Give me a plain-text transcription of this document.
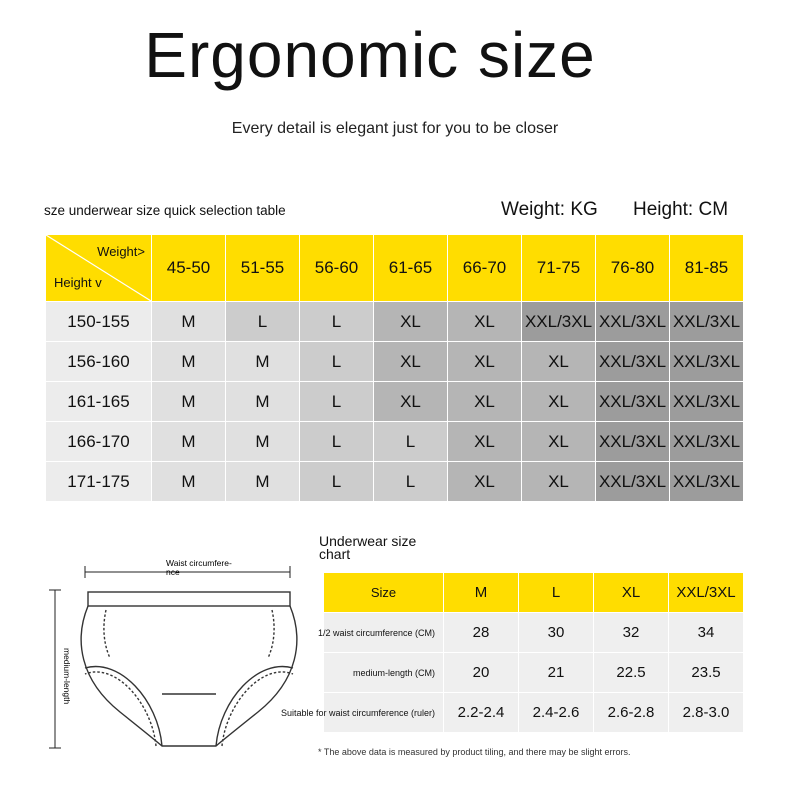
Ergonomic size
Every detail is elegant just for you to be closer
sze underwear size quick selection table	Weight: KG Height: CM
Weight>
Height v
45-50	51-55	56-60	61-65	66-70	71-75	76-80	81-85
150-155	M	L	L	XL	XL	XXL/3XL XXL/3XL XXL/3XL
156-160	M	M	L	XL	XL	XL	XXL/3XL XXL/3XL
161-165	M	M	L	XL	XL	XL	XXL/3XL XXL/3XL
166-170	M	M	L	L	XL	XL	XXL/3XL XXL/3XL
171-175	M	M	L	L	XL	XL	XXL/3XL XXL/3XL
Underwear size chart
Size	M	L	XL	XXL/3XL
1/2 waist circumference (CM)	28	30	32	34
medium-length (CM)	20	21	22.5	23.5
Suitable for waist circumference (ruler)	2.2-2.4	2.4-2.6	2.6-2.8	2.8-3.0
* The above data is measured by product tiling, and there may be slight errors.
Waist circumfere-
nce
medium-length
